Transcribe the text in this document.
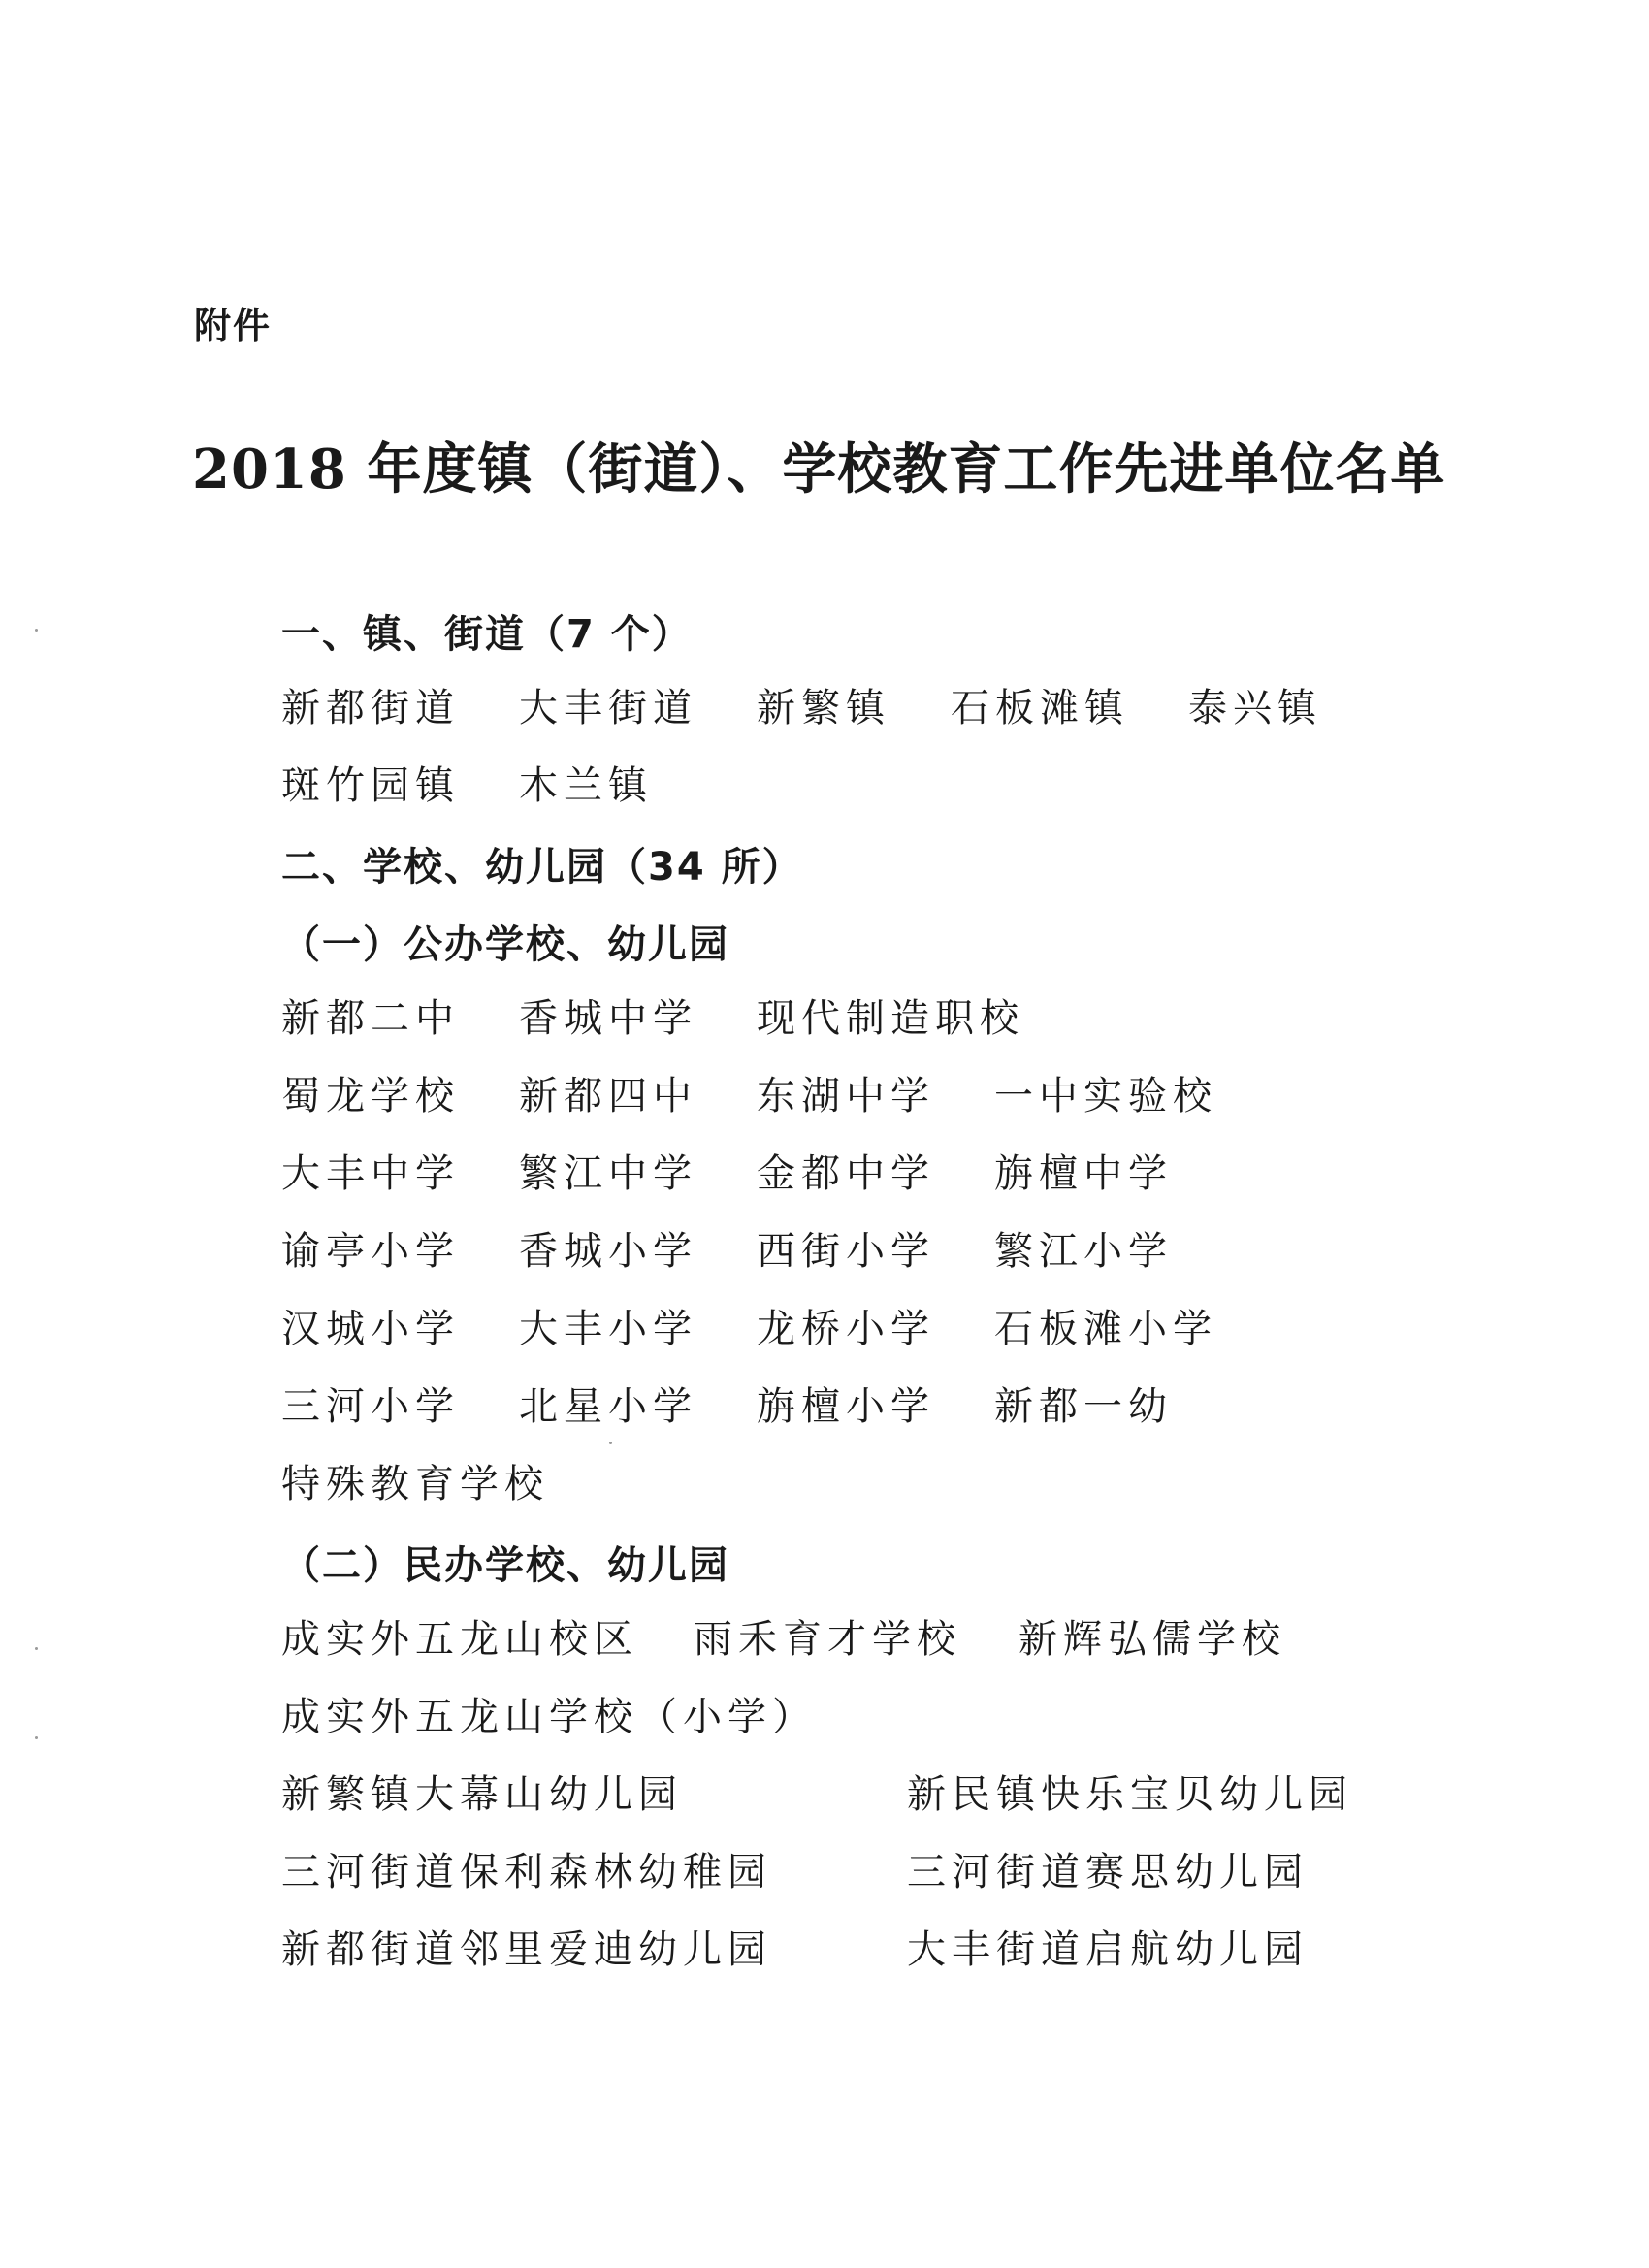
附件

2018 年度镇（街道）、学校教育工作先进单位名单
一、镇、街道（7 个）
新都街道 大丰街道 新繁镇 石板滩镇 泰兴镇
斑竹园镇 木兰镇
二、学校、幼儿园（34 所）
（一）公办学校、幼儿园
新都二中 香城中学 现代制造职校
蜀龙学校 新都四中 东湖中学 一中实验校
大丰中学 繁江中学 金都中学 旃檀中学
谕亭小学 香城小学 西街小学 繁江小学
汉城小学 大丰小学 龙桥小学 石板滩小学
三河小学 北星小学 旃檀小学 新都一幼
特殊教育学校
（二）民办学校、幼儿园
成实外五龙山校区 雨禾育才学校 新辉弘儒学校
成实外五龙山学校（小学）
新繁镇大幕山幼儿园	新民镇快乐宝贝幼儿园
三河街道保利森林幼稚园	三河街道赛思幼儿园
新都街道邻里爱迪幼儿园	大丰街道启航幼儿园
